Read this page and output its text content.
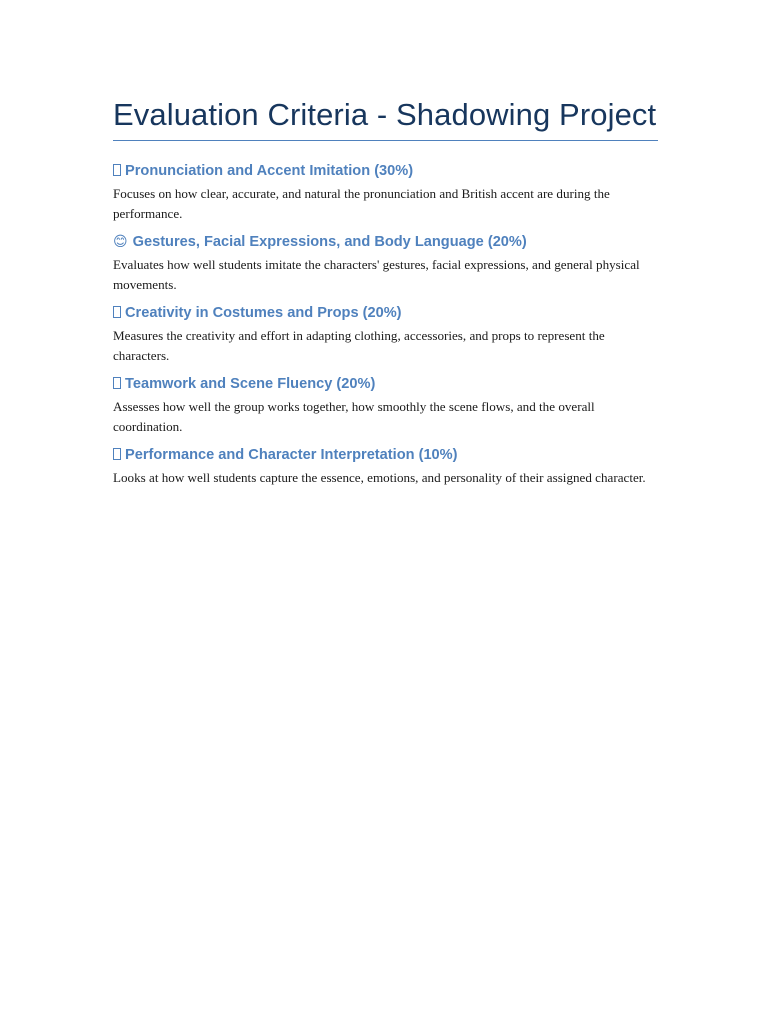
Evaluation Criteria - Shadowing Project
Pronunciation and Accent Imitation (30%)

Focuses on how clear, accurate, and natural the pronunciation and British accent are during the performance.

😊 Gestures, Facial Expressions, and Body Language (20%)

Evaluates how well students imitate the characters' gestures, facial expressions, and general physical movements.

Creativity in Costumes and Props (20%)

Measures the creativity and effort in adapting clothing, accessories, and props to represent the characters.

Teamwork and Scene Fluency (20%)

Assesses how well the group works together, how smoothly the scene flows, and the overall coordination.

Performance and Character Interpretation (10%)

Looks at how well students capture the essence, emotions, and personality of their assigned character.
